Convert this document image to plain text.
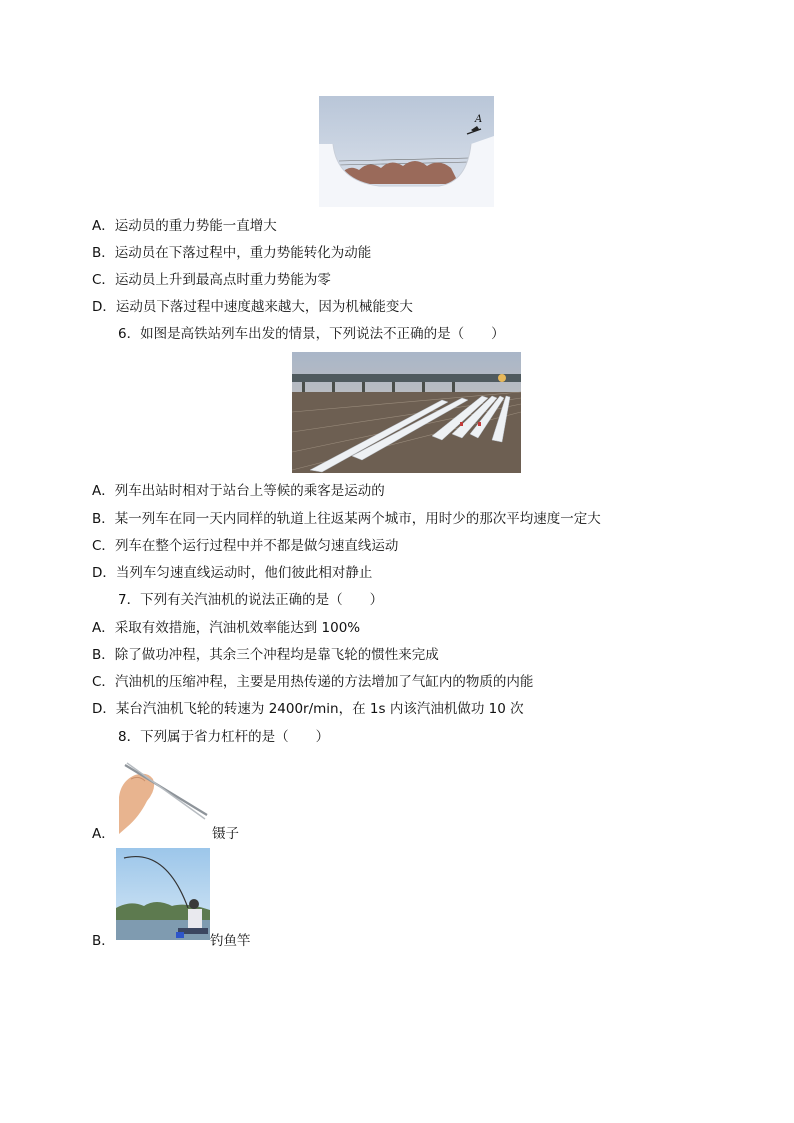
A
A．运动员的重力势能一直增大
B．运动员在下落过程中，重力势能转化为动能
C．运动员上升到最高点时重力势能为零
D．运动员下落过程中速度越来越大，因为机械能变大
6．如图是高铁站列车出发的情景，下列说法不正确的是（　　）
A．列车出站时相对于站台上等候的乘客是运动的
B．某一列车在同一天内同样的轨道上往返某两个城市，用时少的那次平均速度一定大
C．列车在整个运行过程中并不都是做匀速直线运动
D．当列车匀速直线运动时，他们彼此相对静止
7．下列有关汽油机的说法正确的是（　　）
A．采取有效措施，汽油机效率能达到 100%
B．除了做功冲程，其余三个冲程均是靠飞轮的惯性来完成
C．汽油机的压缩冲程，主要是用热传递的方法增加了气缸内的物质的内能
D．某台汽油机飞轮的转速为 2400r/min，在 1s 内该汽油机做功 10 次
8．下列属于省力杠杆的是（　　）
A．	镊子
B．	钓鱼竿
